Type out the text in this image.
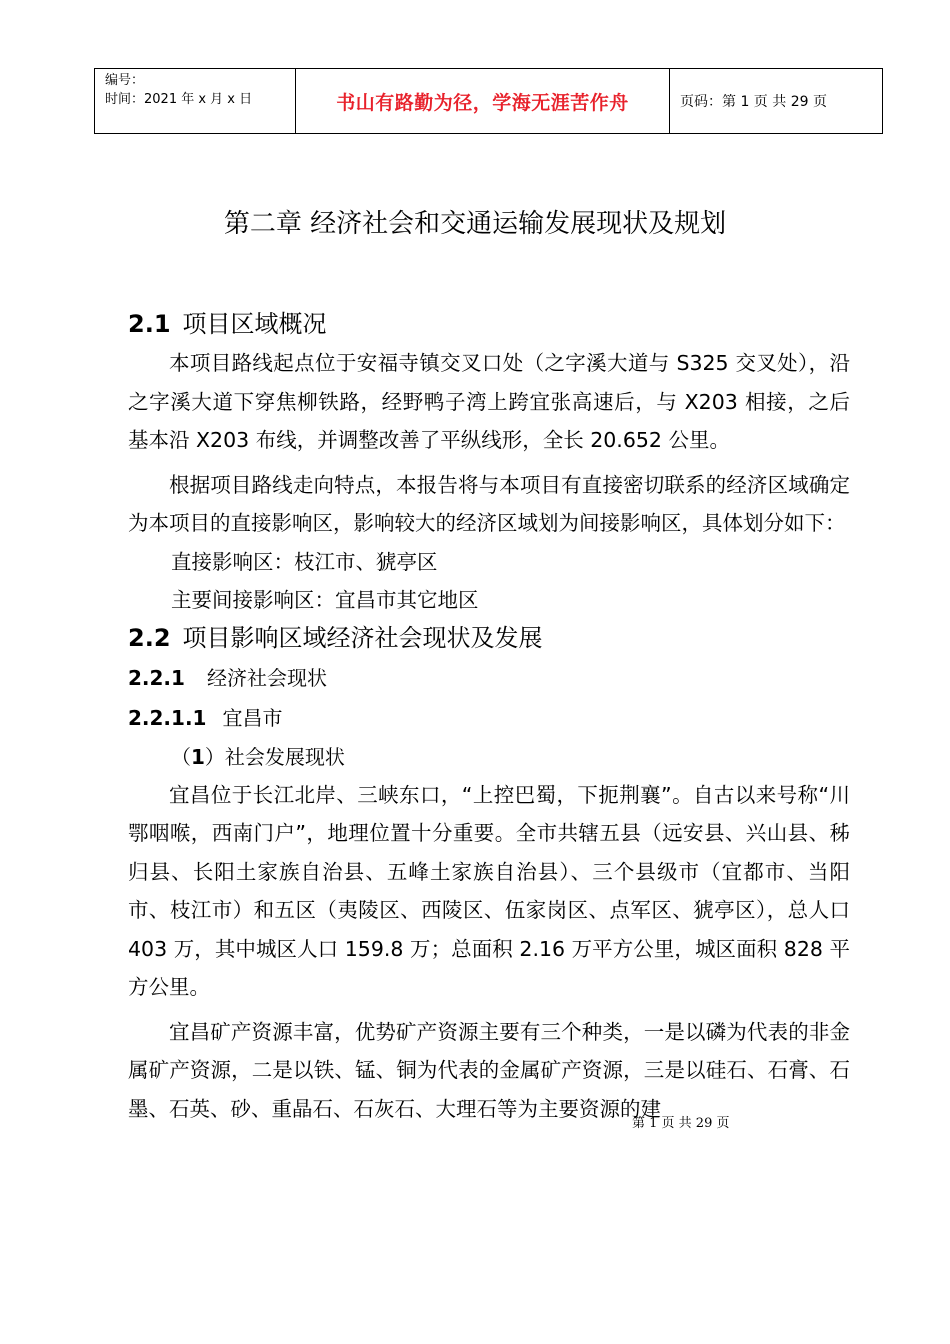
编号：
时间：2021 年 x 月 x 日	书山有路勤为径，学海无涯苦作舟	页码：第 1 页 共 29 页
第二章 经济社会和交通运输发展现状及规划
2.1 项目区域概况

本项目路线起点位于安福寺镇交叉口处（之字溪大道与 S325 交叉处），沿之字溪大道下穿焦柳铁路，经野鸭子湾上跨宜张高速后，与 X203 相接，之后基本沿 X203 布线，并调整改善了平纵线形，全长 20.652 公里。

根据项目路线走向特点，本报告将与本项目有直接密切联系的经济区域确定为本项目的直接影响区，影响较大的经济区域划为间接影响区，具体划分如下：

直接影响区：枝江市、猇亭区

主要间接影响区：宜昌市其它地区

2.2 项目影响区域经济社会现状及发展
2.2.1 经济社会现状
2.2.1.1 宜昌市

（1）社会发展现状

宜昌位于长江北岸、三峡东口，“上控巴蜀，下扼荆襄”。自古以来号称“川鄂咽喉，西南门户”，地理位置十分重要。全市共辖五县（远安县、兴山县、秭归县、长阳土家族自治县、五峰土家族自治县）、三个县级市（宜都市、当阳市、枝江市）和五区（夷陵区、西陵区、伍家岗区、点军区、猇亭区），总人口 403 万，其中城区人口 159.8 万；总面积 2.16 万平方公里，城区面积 828 平方公里。

宜昌矿产资源丰富，优势矿产资源主要有三个种类，一是以磷为代表的非金属矿产资源，二是以铁、锰、铜为代表的金属矿产资源，三是以硅石、石膏、石墨、石英、砂、重晶石、石灰石、大理石等为主要资源的建

第 1 页 共 29 页
